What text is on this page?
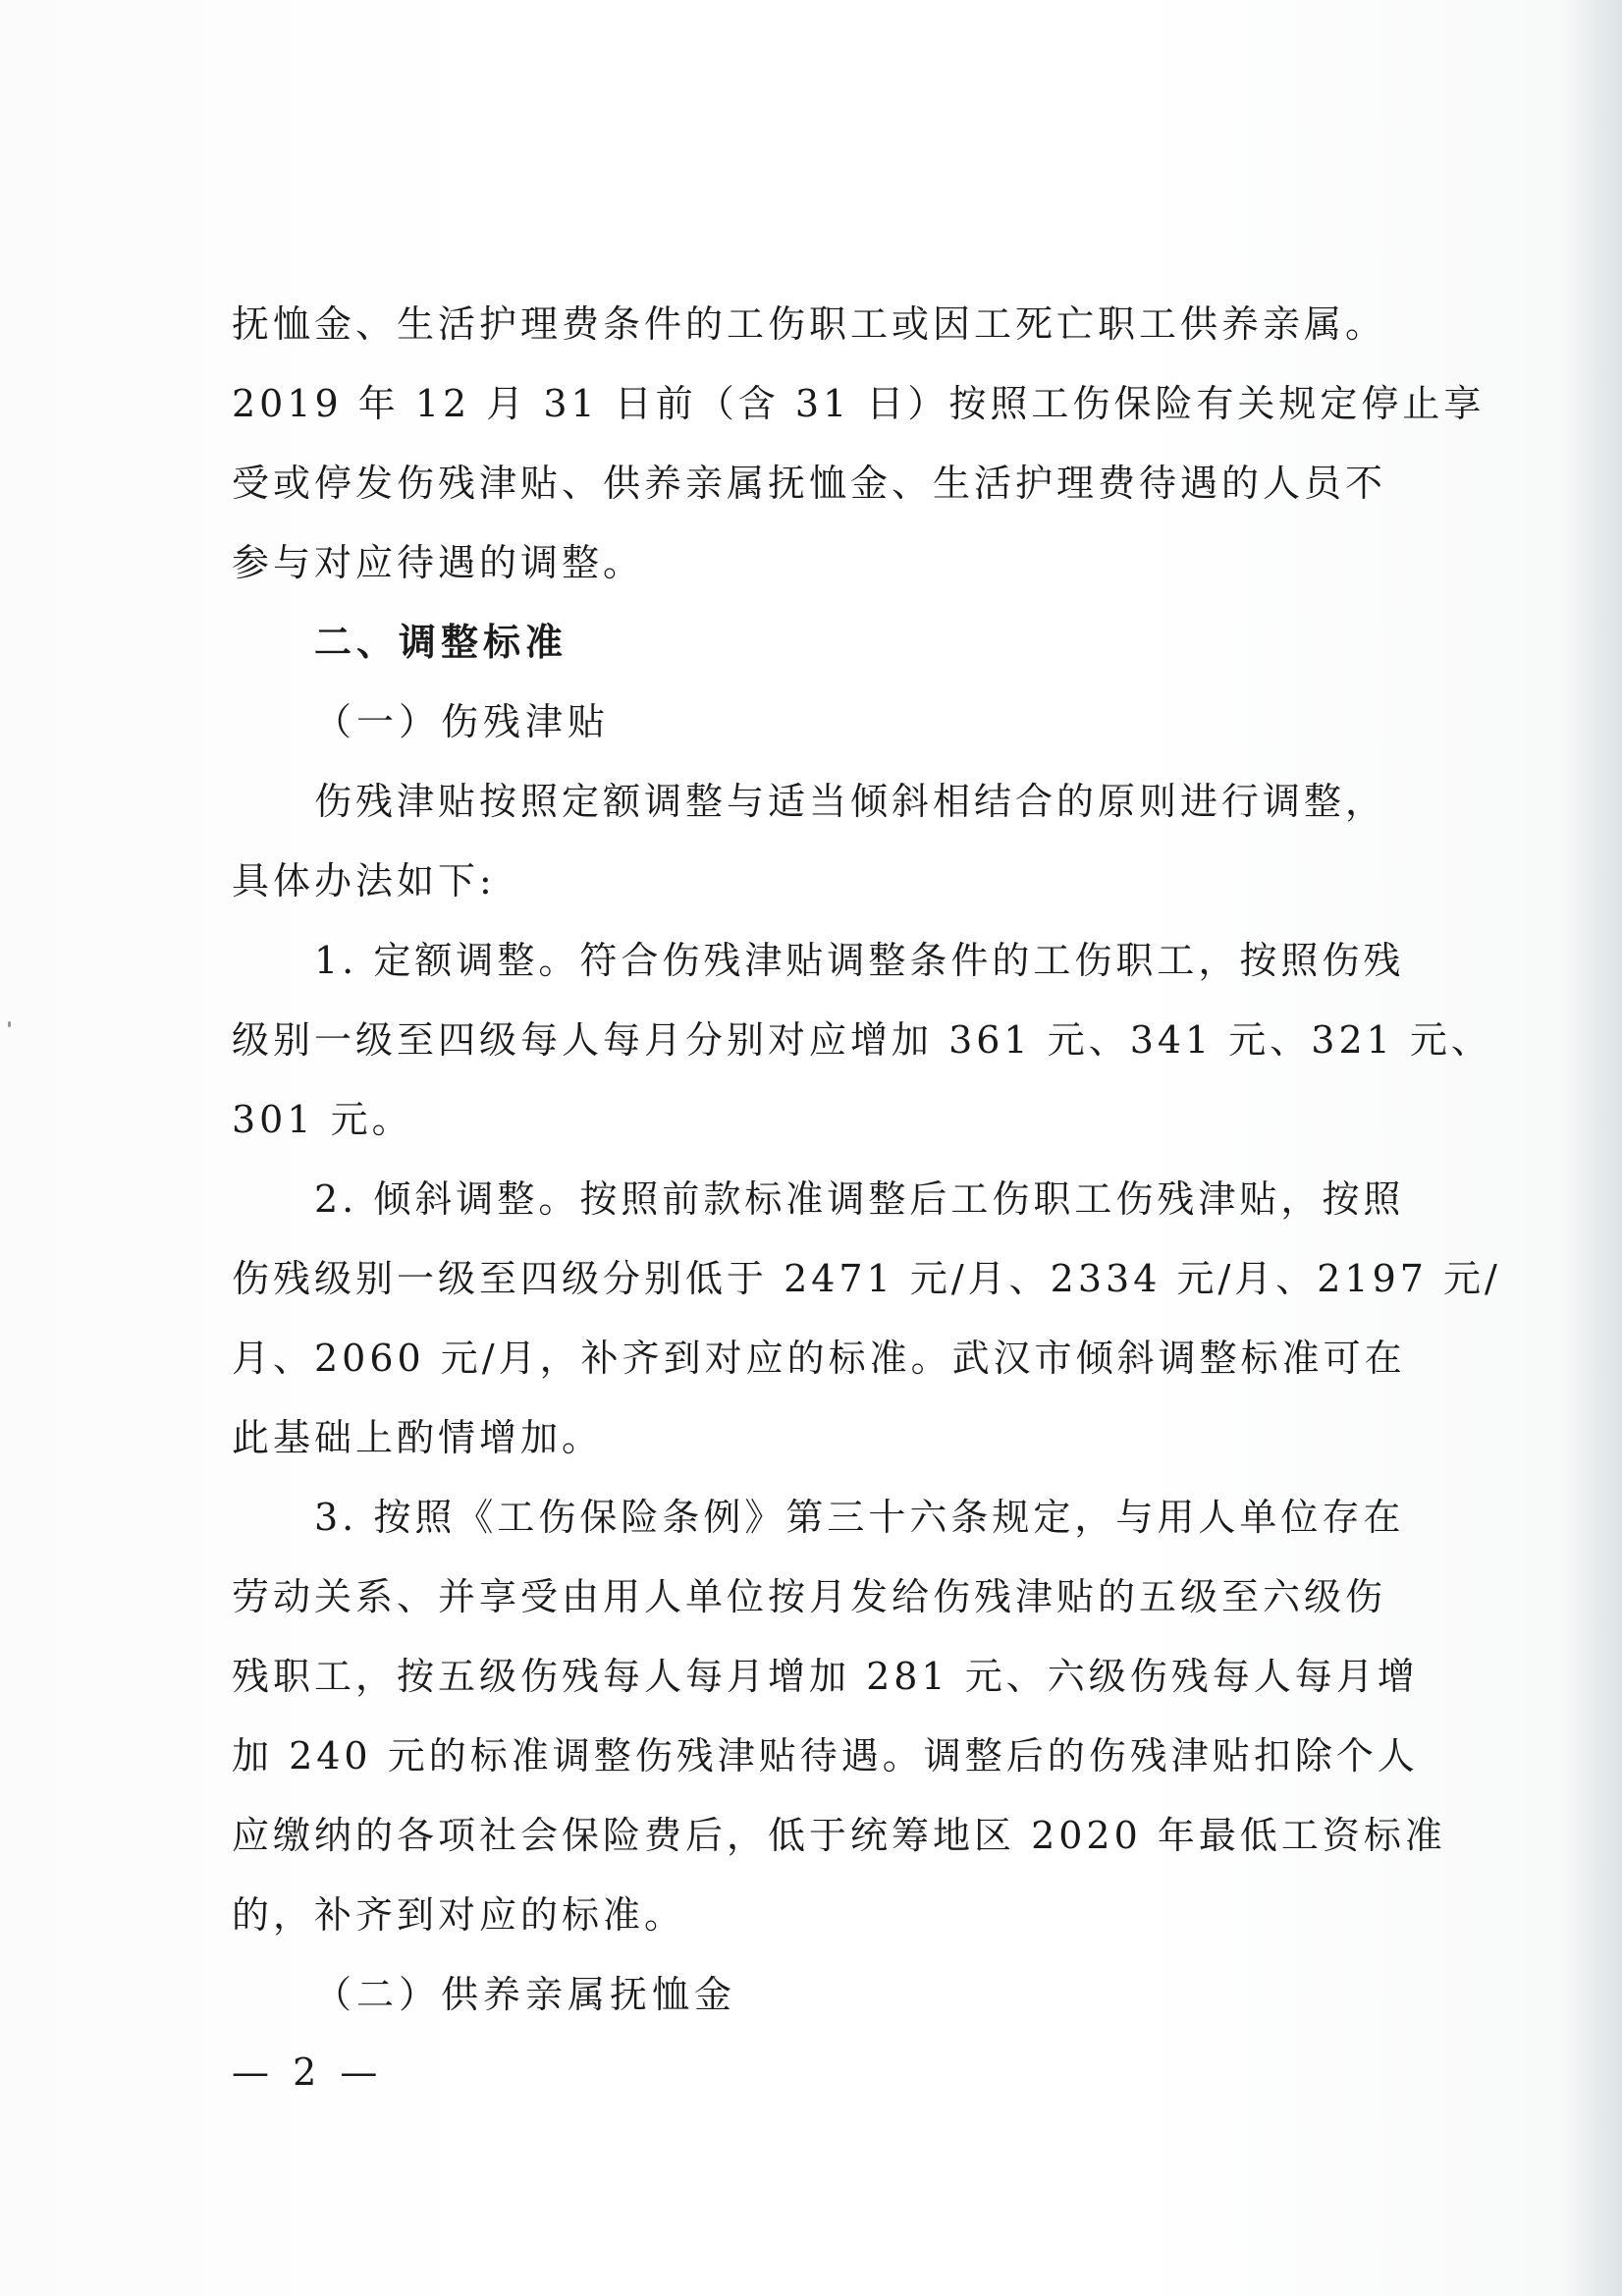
抚恤金、生活护理费条件的工伤职工或因工死亡职工供养亲属。

2019 年 12 月 31 日前（含 31 日）按照工伤保险有关规定停止享

受或停发伤残津贴、供养亲属抚恤金、生活护理费待遇的人员不

参与对应待遇的调整。

二、调整标准

（一）伤残津贴

伤残津贴按照定额调整与适当倾斜相结合的原则进行调整，

具体办法如下:

1. 定额调整。符合伤残津贴调整条件的工伤职工，按照伤残

级别一级至四级每人每月分别对应增加 361 元、341 元、321 元、

301 元。

2. 倾斜调整。按照前款标准调整后工伤职工伤残津贴，按照

伤残级别一级至四级分别低于 2471 元/月、2334 元/月、2197 元/

月、2060 元/月，补齐到对应的标准。武汉市倾斜调整标准可在

此基础上酌情增加。

3. 按照《工伤保险条例》第三十六条规定，与用人单位存在

劳动关系、并享受由用人单位按月发给伤残津贴的五级至六级伤

残职工，按五级伤残每人每月增加 281 元、六级伤残每人每月增

加 240 元的标准调整伤残津贴待遇。调整后的伤残津贴扣除个人

应缴纳的各项社会保险费后，低于统筹地区 2020 年最低工资标准

的，补齐到对应的标准。

（二）供养亲属抚恤金

— 2 —
